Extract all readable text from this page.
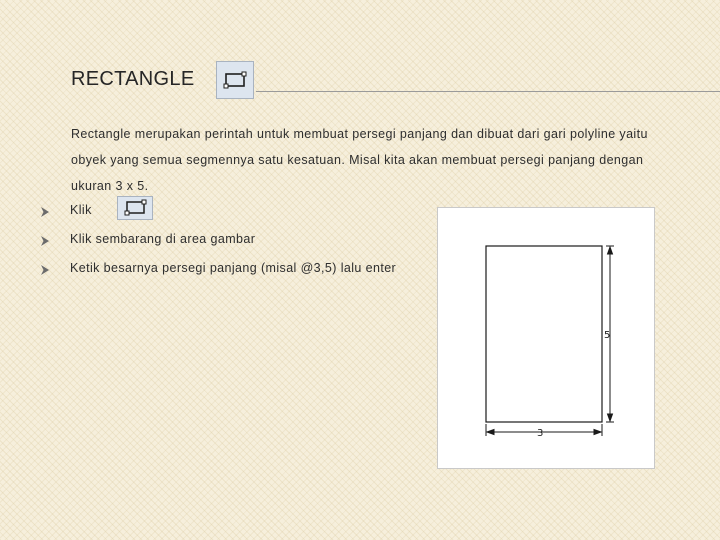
RECTANGLE
Rectangle merupakan perintah untuk membuat persegi panjang dan dibuat dari gari polyline yaitu obyek yang semua segmennya satu kesatuan. Misal kita akan membuat persegi panjang dengan ukuran 3 x 5.
Klik
Klik sembarang di area gambar
Ketik besarnya persegi panjang (misal @3,5) lalu enter
5
3
